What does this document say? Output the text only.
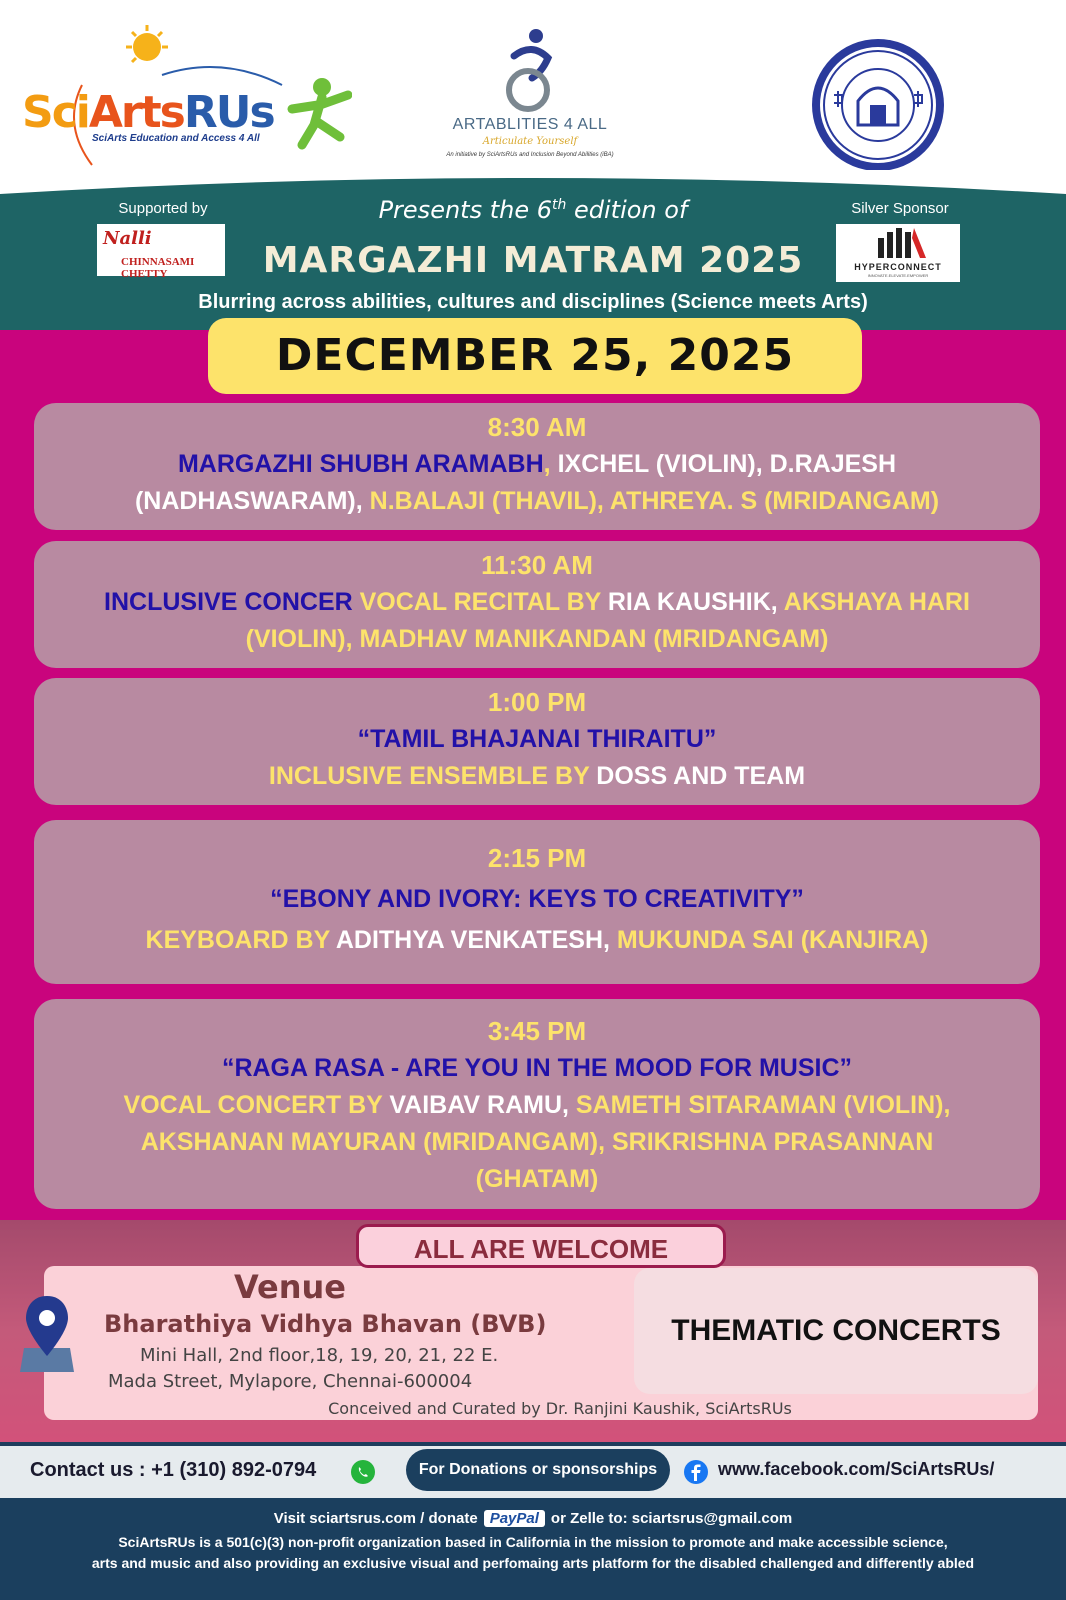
SciArtsRUs
SciArts Education and Access 4 All
ARTABLITIES 4 ALL
Articulate Yourself
An initiative by SciArtsRUs and Inclusion Beyond Abilities (iBA)
Supported by
Nalli
CHINNASAMI CHETTY
Presents the 6th edition of
MARGAZHI MATRAM 2025
Silver Sponsor
HYPERCONNECT
INNOVATE.ELEVATE.EMPOWER
Blurring across abilities, cultures and disciplines (Science meets Arts)
DECEMBER 25, 2025
8:30 AM
MARGAZHI SHUBH ARAMABH, IXCHEL (VIOLIN), D.RAJESH
(NADHASWARAM), N.BALAJI (THAVIL), ATHREYA. S (MRIDANGAM)
11:30 AM
INCLUSIVE CONCER VOCAL RECITAL BY RIA KAUSHIK, AKSHAYA HARI
(VIOLIN), MADHAV MANIKANDAN (MRIDANGAM)
1:00 PM
“TAMIL BHAJANAI THIRAITU”
INCLUSIVE ENSEMBLE BY DOSS AND TEAM
2:15 PM
“EBONY AND IVORY: KEYS TO CREATIVITY”
KEYBOARD BY ADITHYA VENKATESH, MUKUNDA SAI (KANJIRA)
3:45 PM
“RAGA RASA - ARE YOU IN THE MOOD FOR MUSIC”
VOCAL CONCERT BY VAIBAV RAMU, SAMETH SITARAMAN (VIOLIN),
AKSHANAN MAYURAN (MRIDANGAM), SRIKRISHNA PRASANNAN
(GHATAM)
ALL ARE WELCOME
Venue
Bharathiya Vidhya Bhavan (BVB)
Mini Hall, 2nd floor,18, 19, 20, 21, 22 E.
Mada Street, Mylapore, Chennai-600004
Conceived and Curated by Dr. Ranjini Kaushik, SciArtsRUs
THEMATIC CONCERTS
Contact us : +1 (310) 892-0794	For Donations or sponsorships	www.facebook.com/SciArtsRUs/
Visit sciartsrus.com / donate PayPal or Zelle to: sciartsrus@gmail.com
SciArtsRUs is a 501(c)(3) non-profit organization based in California in the mission to promote and make accessible science,
arts and music and also providing an exclusive visual and perfomaing arts platform for the disabled challenged and differently abled
